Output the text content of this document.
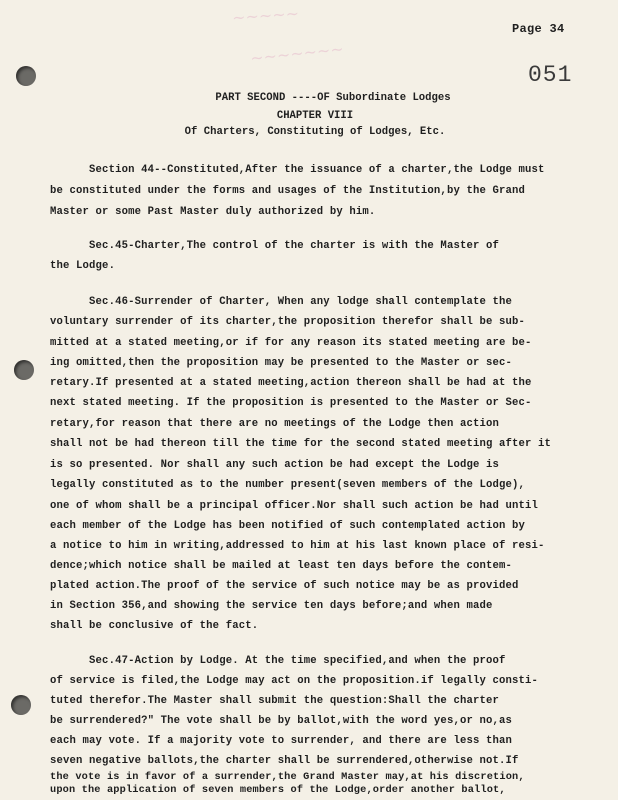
~~~~~
~~~~~~~
Page 34
051
PART SECOND ----OF Subordinate Lodges
CHAPTER VIII
Of Charters, Constituting of Lodges, Etc.
Section 44--Constituted,After the issuance of a charter,the Lodge must
be constituted under the forms and usages of the Institution,by the Grand
Master or some Past Master duly authorized by him.
Sec.45-Charter,The control of the charter is with the Master of
the Lodge.
Sec.46-Surrender of Charter, When any lodge shall contemplate the
voluntary surrender of its charter,the proposition therefor shall be sub-
mitted at a stated meeting,or if for any reason its stated meeting are be-
ing omitted,then the proposition may be presented to the Master or sec-
retary.If presented at a stated meeting,action thereon shall be had at the
next stated meeting. If the proposition is presented to the Master or Sec-
retary,for reason that there are no meetings of the Lodge then action
shall not be had thereon till the time for the second stated meeting after it
is so presented. Nor shall any such action be had except the Lodge is
legally constituted as to the number present(seven members of the Lodge),
one of whom shall be a principal officer.Nor shall such action be had until
each member of the Lodge has been notified of such contemplated action by
a notice to him in writing,addressed to him at his last known place of resi-
dence;which notice shall be mailed at least ten days before the contem-
plated action.The proof of the service of such notice may be as provided
in Section 356,and showing the service ten days before;and when made
shall be conclusive of the fact.
Sec.47-Action by Lodge. At the time specified,and when the proof
of service is filed,the Lodge may act on the proposition.if legally consti-
tuted therefor.The Master shall submit the question:Shall the charter
be surrendered?" The vote shall be by ballot,with the word yes,or no,as
each may vote. If a majority vote to surrender, and there are less than
seven negative ballots,the charter shall be surrendered,otherwise not.If
the vote is in favor of a surrender,the Grand Master may,at his discretion,
upon the application of seven members of the Lodge,order another ballot,
